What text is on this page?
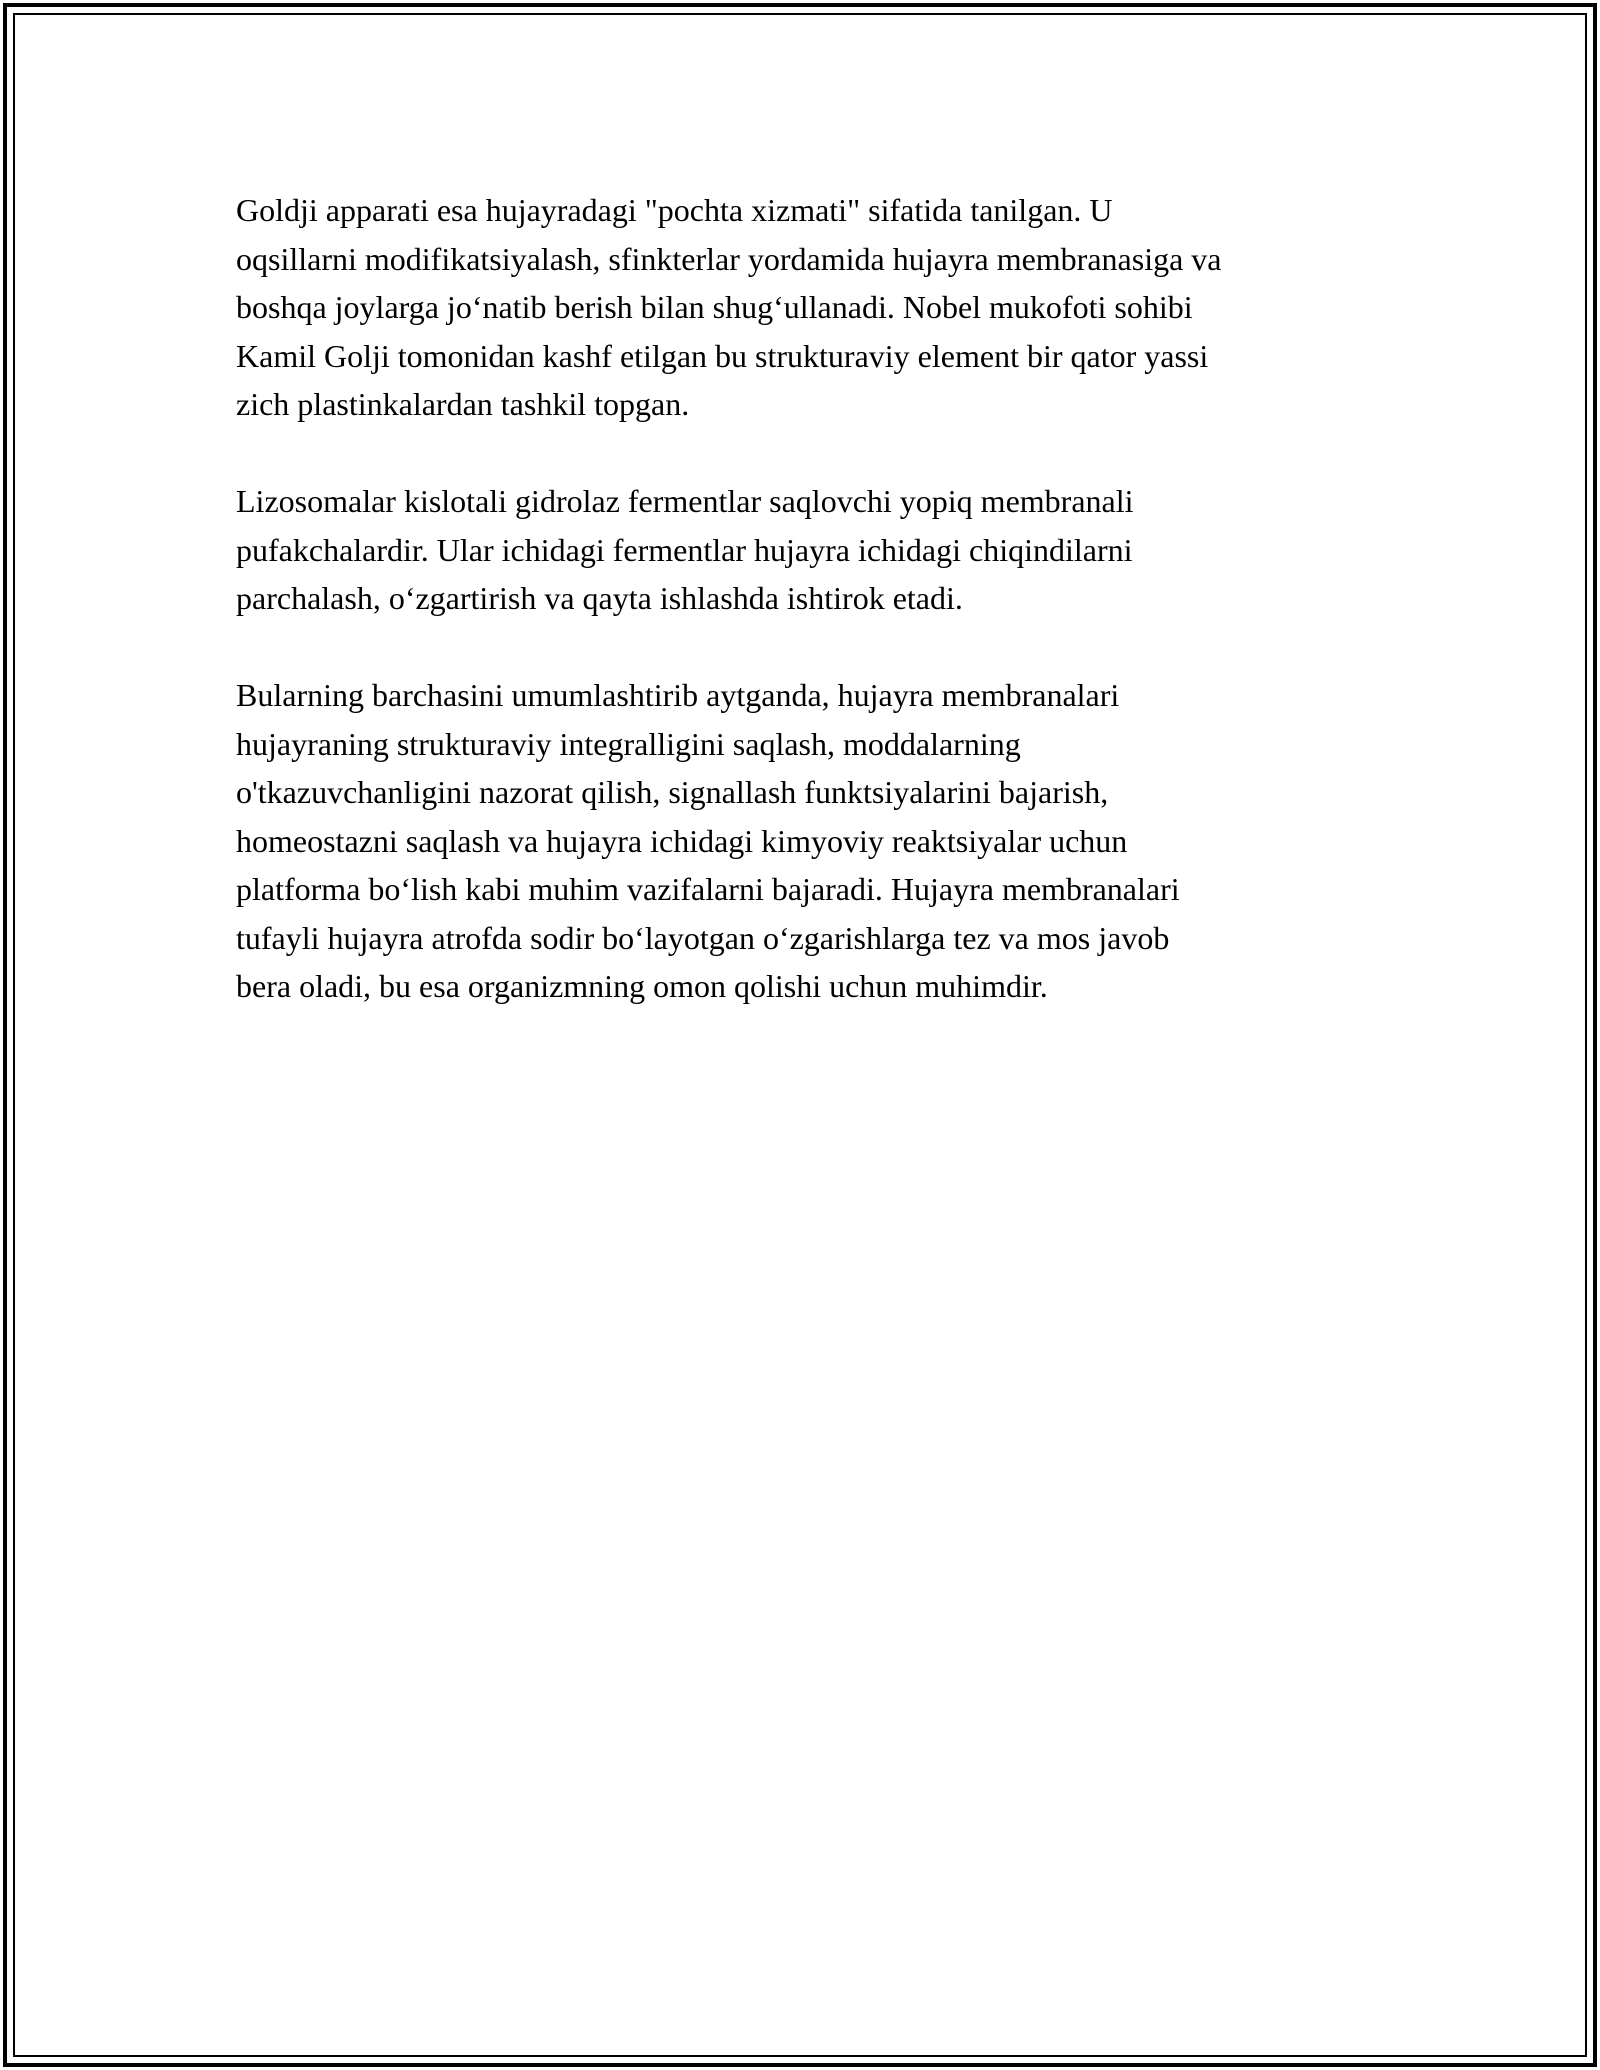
Goldji apparati esa hujayradagi "pochta xizmati" sifatida tanilgan. U
oqsillarni modifikatsiyalash, sfinkterlar yordamida hujayra membranasiga va
boshqa joylarga jo‘natib berish bilan shug‘ullanadi. Nobel mukofoti sohibi
Kamil Golji tomonidan kashf etilgan bu strukturaviy element bir qator yassi
zich plastinkalardan tashkil topgan.

Lizosomalar kislotali gidrolaz fermentlar saqlovchi yopiq membranali
pufakchalardir. Ular ichidagi fermentlar hujayra ichidagi chiqindilarni
parchalash, o‘zgartirish va qayta ishlashda ishtirok etadi.

Bularning barchasini umumlashtirib aytganda, hujayra membranalari
hujayraning strukturaviy integralligini saqlash, moddalarning
o'tkazuvchanligini nazorat qilish, signallash funktsiyalarini bajarish,
homeostazni saqlash va hujayra ichidagi kimyoviy reaktsiyalar uchun
platforma bo‘lish kabi muhim vazifalarni bajaradi. Hujayra membranalari
tufayli hujayra atrofda sodir bo‘layotgan o‘zgarishlarga tez va mos javob
bera oladi, bu esa organizmning omon qolishi uchun muhimdir.
